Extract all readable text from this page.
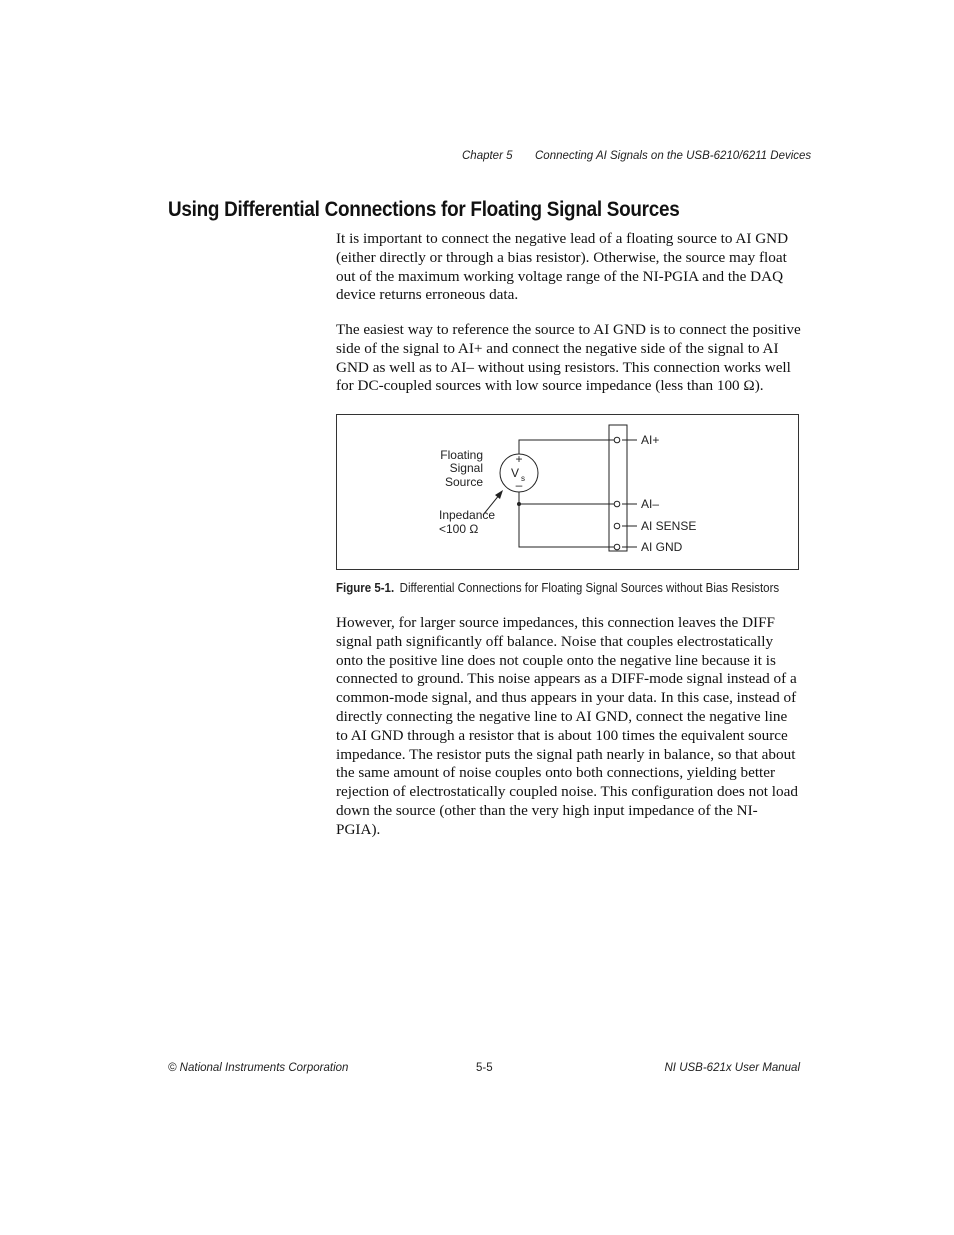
Chapter 5 Connecting AI Signals on the USB-6210/6211 Devices
Using Differential Connections for Floating Signal Sources

It is important to connect the negative lead of a floating source to AI GND (either directly or through a bias resistor). Otherwise, the source may float out of the maximum working voltage range of the NI-PGIA and the DAQ device returns erroneous data.

The easiest way to reference the source to AI GND is to connect the positive side of the signal to AI+ and connect the negative side of the signal to AI GND as well as to AI– without using resistors. This connection works well for DC-coupled sources with low source impedance (less than 100 Ω).

+
V s
–
Floating
Signal
Source
Inpedance
<100 Ω
AI+
AI–
AI SENSE
AI GND
Figure 5-1. Differential Connections for Floating Signal Sources without Bias Resistors

However, for larger source impedances, this connection leaves the DIFF signal path significantly off balance. Noise that couples electrostatically onto the positive line does not couple onto the negative line because it is connected to ground. This noise appears as a DIFF-mode signal instead of a common-mode signal, and thus appears in your data. In this case, instead of directly connecting the negative line to AI GND, connect the negative line to AI GND through a resistor that is about 100 times the equivalent source impedance. The resistor puts the signal path nearly in balance, so that about the same amount of noise couples onto both connections, yielding better rejection of electrostatically coupled noise. This configuration does not load down the source (other than the very high input impedance of the NI-PGIA).

© National Instruments Corporation	5-5	NI USB-621x User Manual
